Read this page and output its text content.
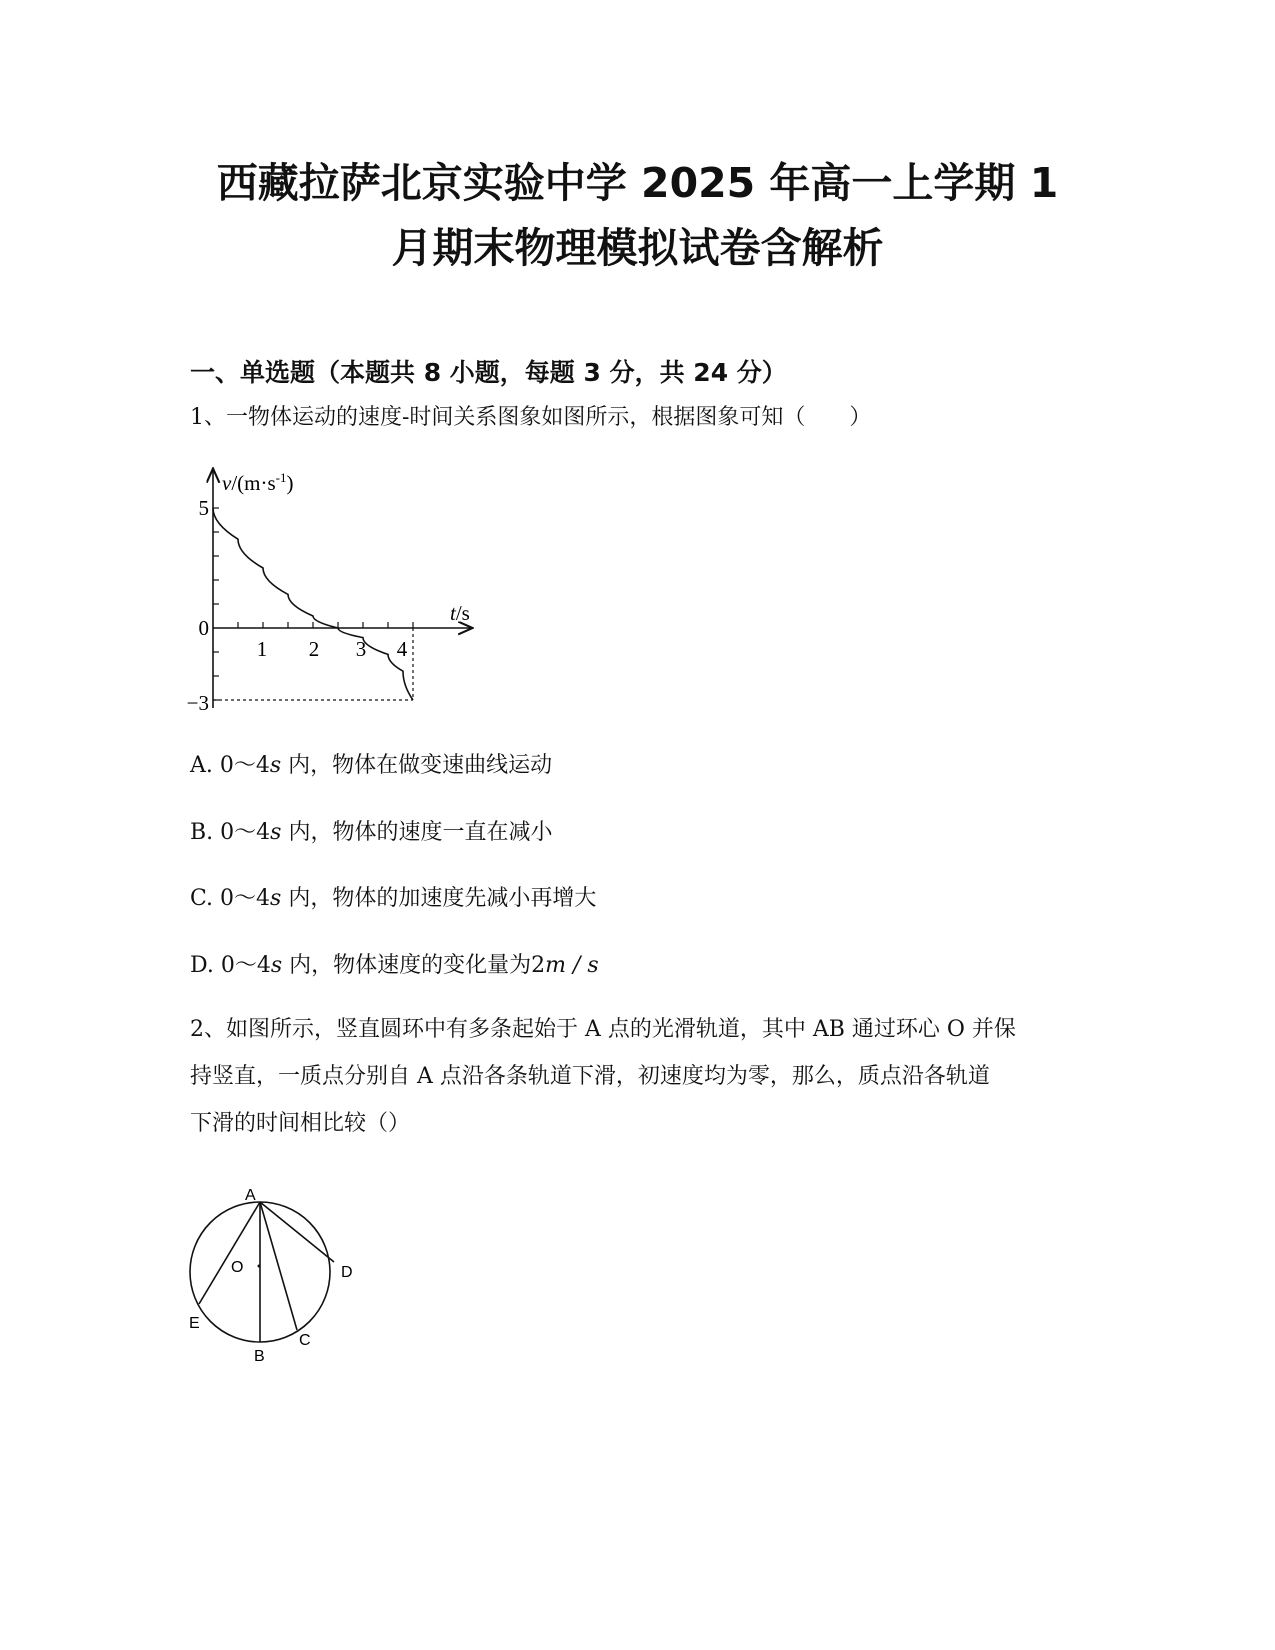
西藏拉萨北京实验中学 2025 年高一上学期 1
月期末物理模拟试卷含解析
一、单选题（本题共 8 小题，每题 3 分，共 24 分）

1、一物体运动的速度-时间关系图象如图所示，根据图象可知（　　）

$v/(m\cdot s^{-1})$
t/s
5
0
−3
1 2 3 4

A. 0～4s 内，物体在做变速曲线运动

B. 0～4s 内，物体的速度一直在减小

C. 0～4s 内，物体的加速度先减小再增大

D. 0～4s 内，物体速度的变化量为2m / s

2、如图所示，竖直圆环中有多条起始于 A 点的光滑轨道，其中 AB 通过环心 O 并保

持竖直，一质点分别自 A 点沿各条轨道下滑，初速度均为零，那么，质点沿各轨道

下滑的时间相比较（）

A
O	D
E
C
B
